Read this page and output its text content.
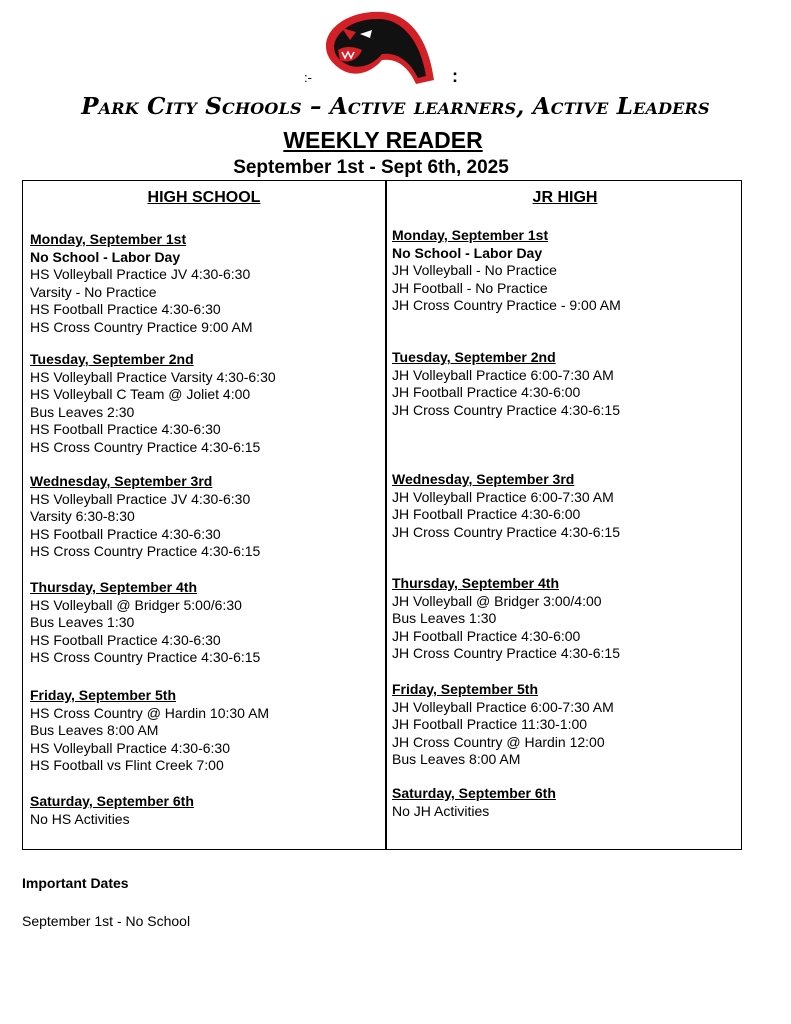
:-	:
Park City Schools – Active learners, Active Leaders
WEEKLY READER
September 1st - Sept 6th, 2025
HIGH SCHOOL
Monday, September 1st
No School - Labor Day
HS Volleyball Practice JV 4:30-6:30
Varsity - No Practice
HS Football Practice 4:30-6:30
HS Cross Country Practice 9:00 AM
Tuesday, September 2nd
HS Volleyball Practice Varsity 4:30-6:30
HS Volleyball C Team @ Joliet 4:00
Bus Leaves 2:30
HS Football Practice 4:30-6:30
HS Cross Country Practice 4:30-6:15
Wednesday, September 3rd
HS Volleyball Practice JV 4:30-6:30
Varsity 6:30-8:30
HS Football Practice 4:30-6:30
HS Cross Country Practice 4:30-6:15
Thursday, September 4th
HS Volleyball @ Bridger 5:00/6:30
Bus Leaves 1:30
HS Football Practice 4:30-6:30
HS Cross Country Practice 4:30-6:15
Friday, September 5th
HS Cross Country @ Hardin 10:30 AM
Bus Leaves 8:00 AM
HS Volleyball Practice 4:30-6:30
HS Football vs Flint Creek 7:00
Saturday, September 6th
No HS Activities
JR HIGH
Monday, September 1st
No School - Labor Day
JH Volleyball - No Practice
JH Football - No Practice
JH Cross Country Practice - 9:00 AM
Tuesday, September 2nd
JH Volleyball Practice 6:00-7:30 AM
JH Football Practice 4:30-6:00
JH Cross Country Practice 4:30-6:15
Wednesday, September 3rd
JH Volleyball Practice 6:00-7:30 AM
JH Football Practice 4:30-6:00
JH Cross Country Practice 4:30-6:15
Thursday, September 4th
JH Volleyball @ Bridger 3:00/4:00
Bus Leaves 1:30
JH Football Practice 4:30-6:00
JH Cross Country Practice 4:30-6:15
Friday, September 5th
JH Volleyball Practice 6:00-7:30 AM
JH Football Practice 11:30-1:00
JH Cross Country @ Hardin 12:00
Bus Leaves 8:00 AM
Saturday, September 6th
No JH Activities
Important Dates
September 1st - No School
